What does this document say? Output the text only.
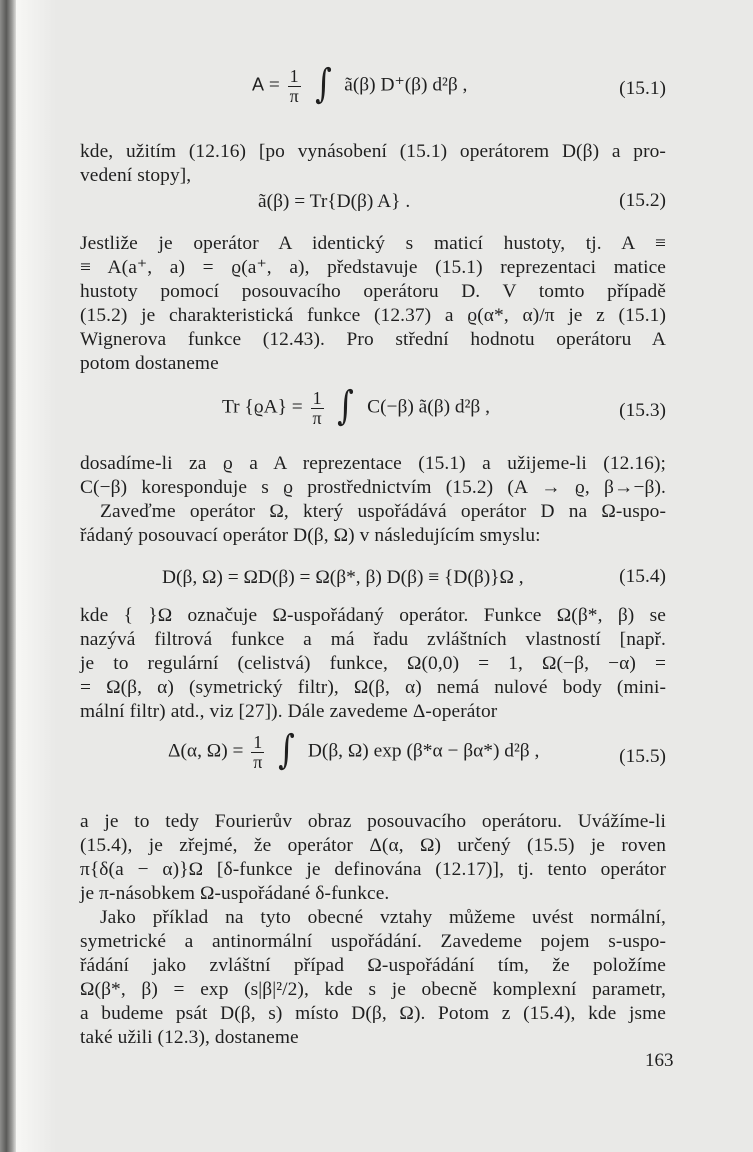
$A = \frac{1}{\pi}$ ∫ ã(β) D⁺(β) d²β ,	(15.1)
kde, užitím (12.16) [po vynásobení (15.1) operátorem D(β) a pro-
vedení stopy],
ã(β) = Tr{D(β) A} .	(15.2)
Jestliže je operátor A identický s maticí hustoty, tj. A ≡
≡ A(a⁺, a) = ϱ(a⁺, a), představuje (15.1) reprezentaci matice
hustoty pomocí posouvacího operátoru D. V tomto případě
(15.2) je charakteristická funkce (12.37) a ϱ(α*, α)/π je z (15.1)
Wignerova funkce (12.43). Pro střední hodnotu operátoru A
potom dostaneme
Tr $\{ϱA\} = \frac{1}{\pi}$ ∫ C(−β) ã(β) d²β ,	(15.3)
dosadíme-li za ϱ a A reprezentace (15.1) a užijeme-li (12.16);
C(−β) koresponduje s ϱ prostřednictvím (15.2) (A → ϱ, β→−β).
Zaveďme operátor Ω, který uspořádává operátor D na Ω-uspo-
řádaný posouvací operátor D(β, Ω) v následujícím smyslu:
D(β, Ω) = ΩD(β) = Ω(β*, β) D(β) ≡ {D(β)}Ω ,	(15.4)
kde { }Ω označuje Ω-uspořádaný operátor. Funkce Ω(β*, β) se
nazývá filtrová funkce a má řadu zvláštních vlastností [např.
je to regulární (celistvá) funkce, Ω(0,0) = 1, Ω(−β, −α) =
= Ω(β, α) (symetrický filtr), Ω(β, α) nemá nulové body (mini-
mální filtr) atd., viz [27]). Dále zavedeme Δ-operátor
Δ(α, $\Omega) = \frac{1}{\pi}$ ∫ D(β, Ω) exp (β*α − βα*) d²β ,	(15.5)
a je to tedy Fourierův obraz posouvacího operátoru. Uvážíme-li
(15.4), je zřejmé, že operátor Δ(α, Ω) určený (15.5) je roven
π{δ(a − α)}Ω [δ-funkce je definována (12.17)], tj. tento operátor
je π-násobkem Ω-uspořádané δ-funkce.
Jako příklad na tyto obecné vztahy můžeme uvést normální,
symetrické a antinormální uspořádání. Zavedeme pojem s-uspo-
řádání jako zvláštní případ Ω-uspořádání tím, že položíme
Ω(β*, β) = exp (s|β|²/2), kde s je obecně komplexní parametr,
a budeme psát D(β, s) místo D(β, Ω). Potom z (15.4), kde jsme
také užili (12.3), dostaneme
163
